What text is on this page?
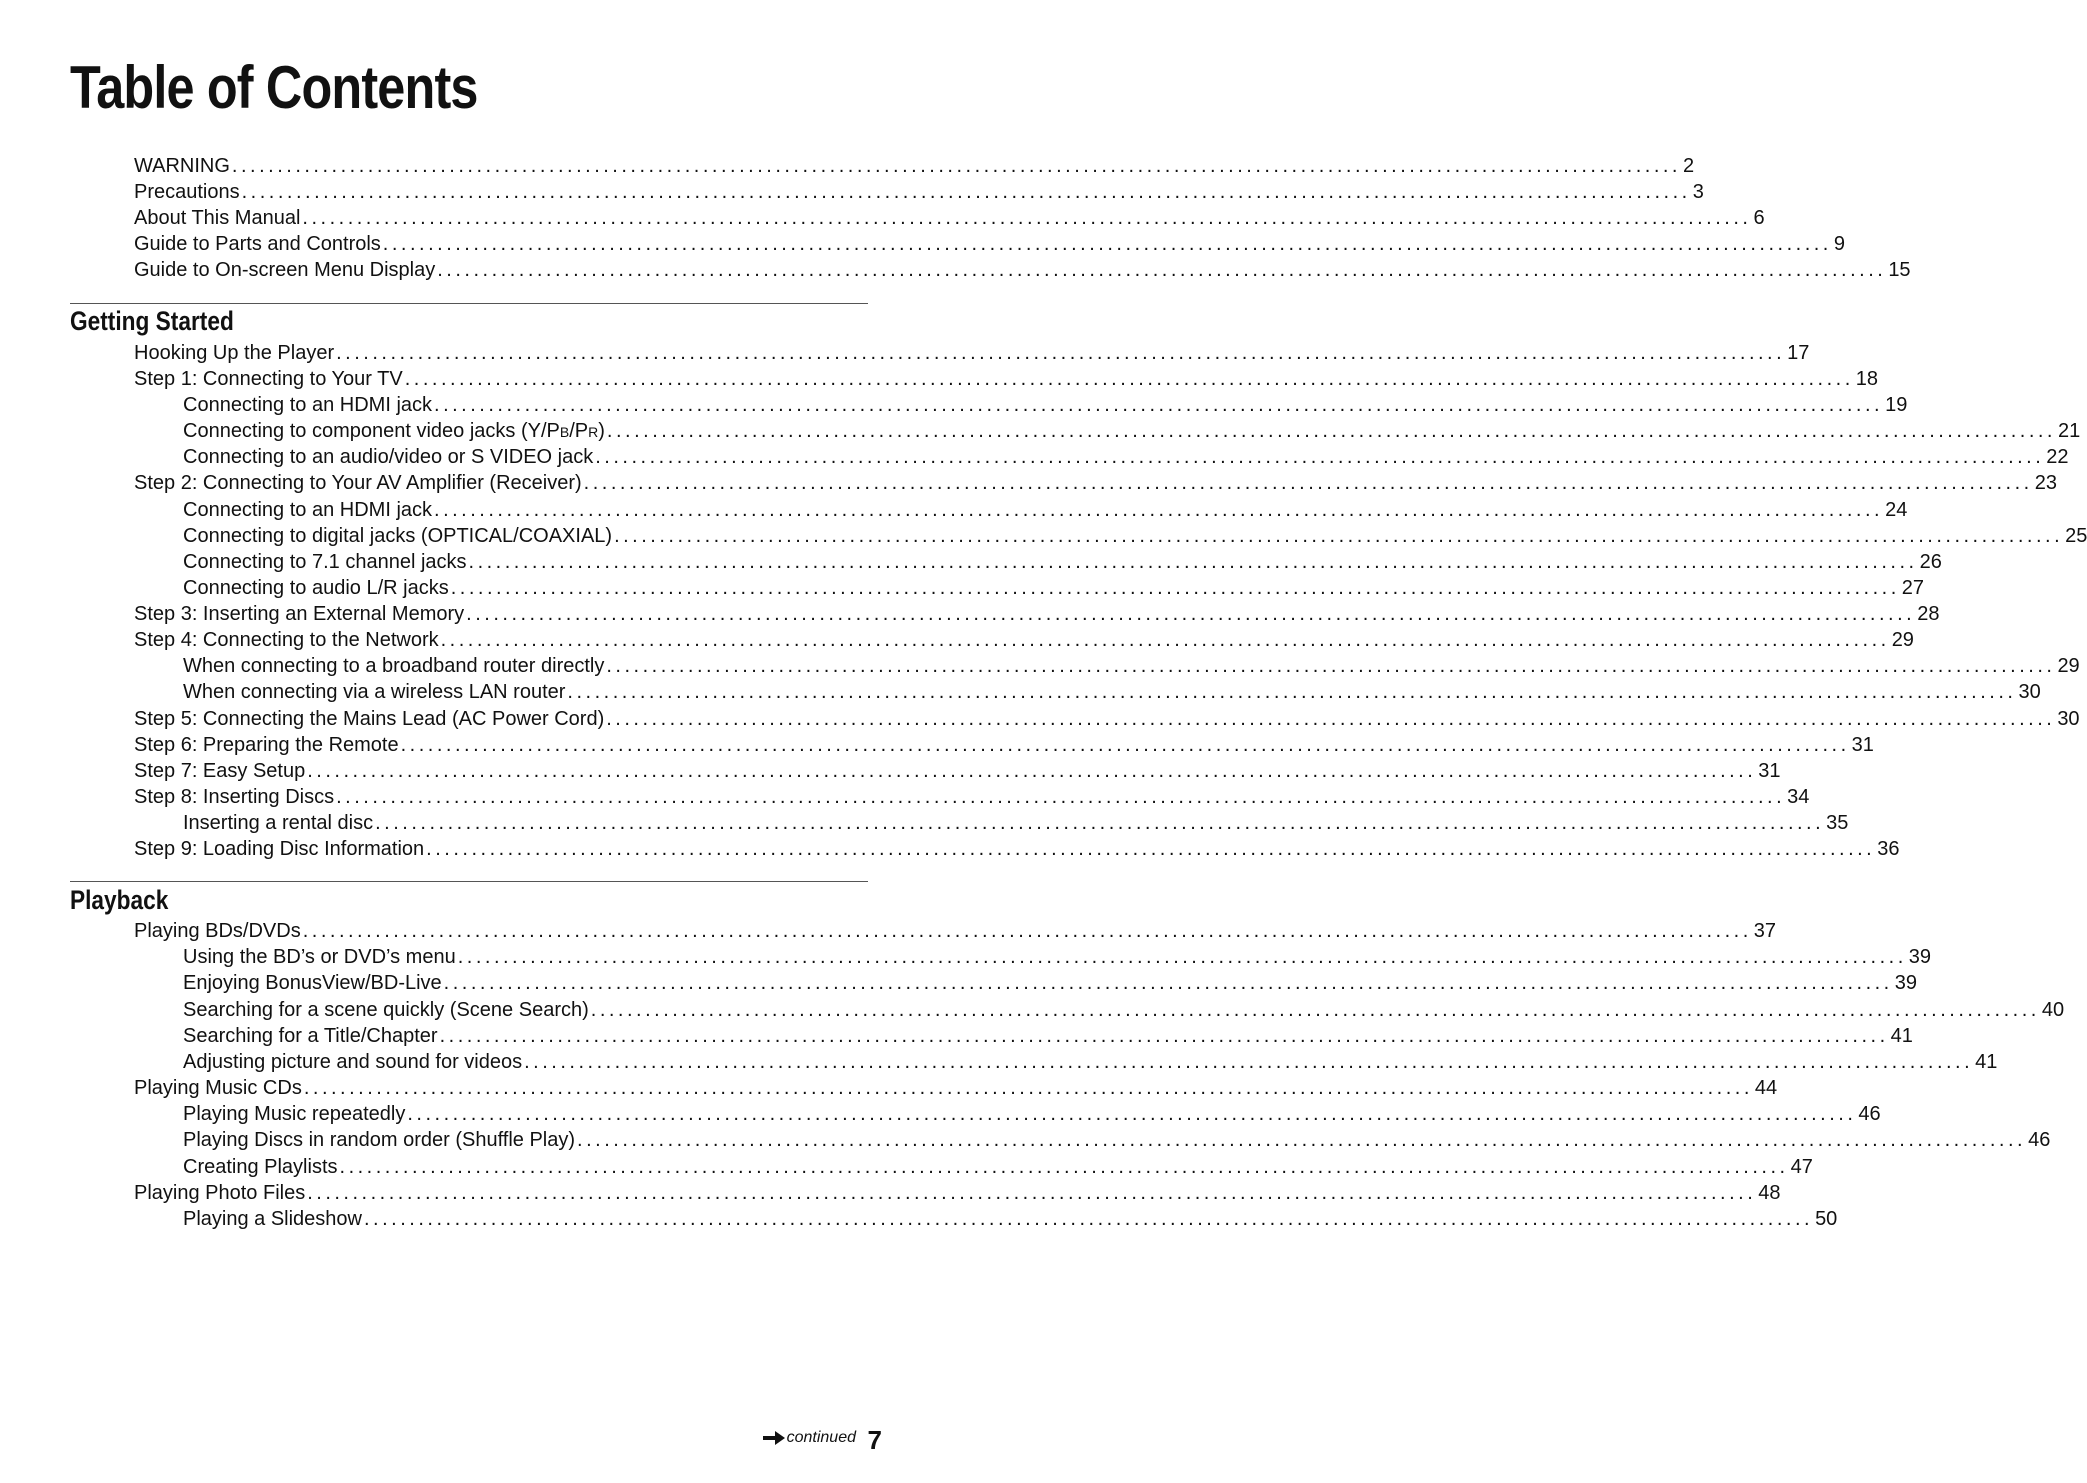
Table of Contents
WARNING ................................................................................................................................................................ 2
Precautions ................................................................................................................................................................ 3
About This Manual ................................................................................................................................................................ 6
Guide to Parts and Controls ................................................................................................................................................................ 9
Guide to On-screen Menu Display ................................................................................................................................................................ 15
Getting Started
Hooking Up the Player ................................................................................................................................................................ 17
Step 1: Connecting to Your TV ................................................................................................................................................................ 18
Connecting to an HDMI jack ................................................................................................................................................................ 19
Connecting to component video jacks (Y/PB/PR) ................................................................................................................................................................ 21
Connecting to an audio/video or S VIDEO jack ................................................................................................................................................................ 22
Step 2: Connecting to Your AV Amplifier (Receiver) ................................................................................................................................................................ 23
Connecting to an HDMI jack ................................................................................................................................................................ 24
Connecting to digital jacks (OPTICAL/COAXIAL) ................................................................................................................................................................ 25
Connecting to 7.1 channel jacks ................................................................................................................................................................ 26
Connecting to audio L/R jacks ................................................................................................................................................................ 27
Step 3: Inserting an External Memory ................................................................................................................................................................ 28
Step 4: Connecting to the Network ................................................................................................................................................................ 29
When connecting to a broadband router directly ................................................................................................................................................................ 29
When connecting via a wireless LAN router ................................................................................................................................................................ 30
Step 5: Connecting the Mains Lead (AC Power Cord) ................................................................................................................................................................ 30
Step 6: Preparing the Remote ................................................................................................................................................................ 31
Step 7: Easy Setup ................................................................................................................................................................ 31
Step 8: Inserting Discs ................................................................................................................................................................ 34
Inserting a rental disc ................................................................................................................................................................ 35
Step 9: Loading Disc Information ................................................................................................................................................................ 36
Playback
Playing BDs/DVDs ................................................................................................................................................................ 37
Using the BD’s or DVD’s menu ................................................................................................................................................................ 39
Enjoying BonusView/BD-Live ................................................................................................................................................................ 39
Searching for a scene quickly (Scene Search) ................................................................................................................................................................ 40
Searching for a Title/Chapter ................................................................................................................................................................ 41
Adjusting picture and sound for videos ................................................................................................................................................................ 41
Playing Music CDs ................................................................................................................................................................ 44
Playing Music repeatedly ................................................................................................................................................................ 46
Playing Discs in random order (Shuffle Play) ................................................................................................................................................................ 46
Creating Playlists ................................................................................................................................................................ 47
Playing Photo Files ................................................................................................................................................................ 48
Playing a Slideshow ................................................................................................................................................................ 50
continued 7
